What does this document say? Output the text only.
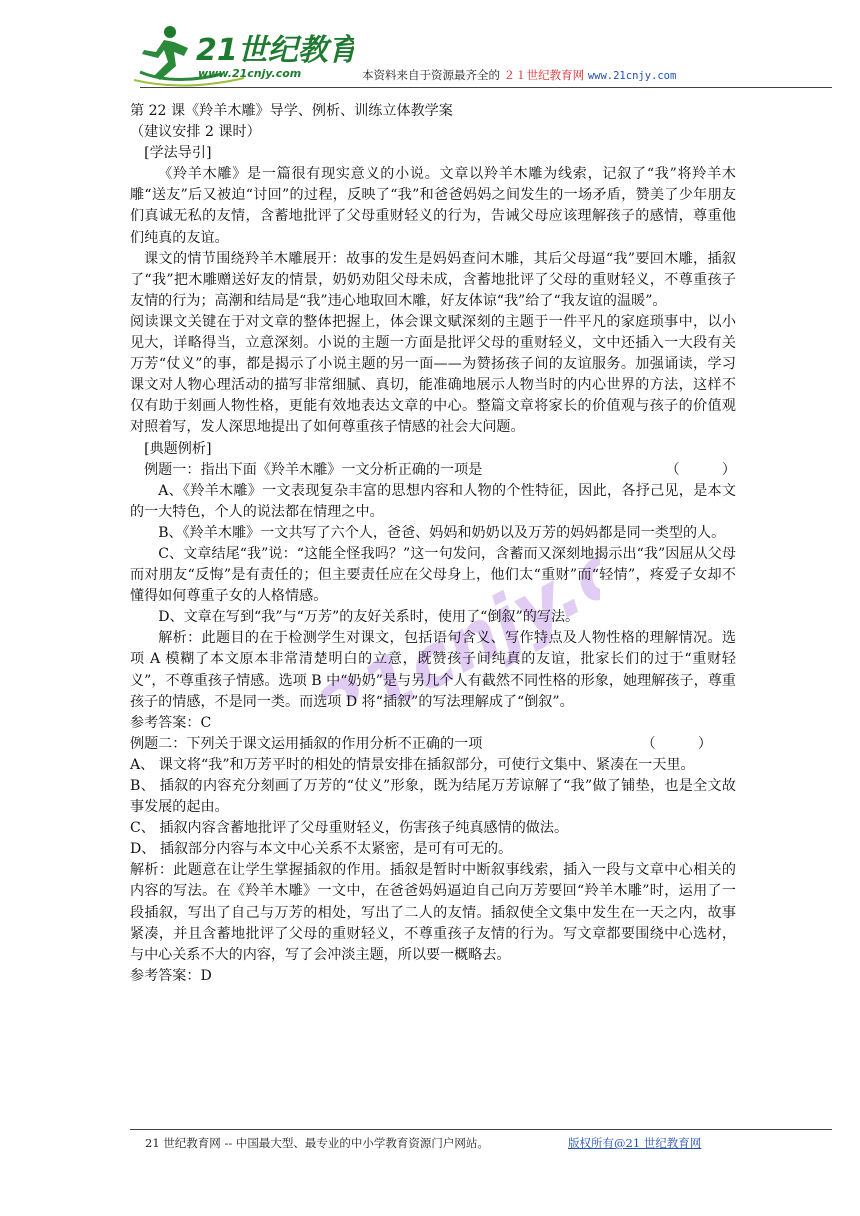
21世纪教育
www.21cnjy.com	本资料来自于资源最齐全的 ２１世纪教育网 www.21cnjy.com
21cnjy.com

第 22 课《羚羊木雕》导学、例析、训练立体教学案

（建议安排 2 课时）

[学法导引]

《羚羊木雕》是一篇很有现实意义的小说。文章以羚羊木雕为线索，记叙了“我”将羚羊木雕“送友”后又被迫“讨回”的过程，反映了“我”和爸爸妈妈之间发生的一场矛盾，赞美了少年朋友们真诚无私的友情，含蓄地批评了父母重财轻义的行为，告诫父母应该理解孩子的感情，尊重他们纯真的友谊。

课文的情节围绕羚羊木雕展开：故事的发生是妈妈查问木雕，其后父母逼“我”要回木雕，插叙了“我”把木雕赠送好友的情景，奶奶劝阻父母未成，含蓄地批评了父母的重财轻义，不尊重孩子友情的行为；高潮和结局是“我”违心地取回木雕，好友体谅“我”给了“我友谊的温暖”。

阅读课文关键在于对文章的整体把握上，体会课文赋深刻的主题于一件平凡的家庭琐事中，以小见大，详略得当，立意深刻。小说的主题一方面是批评父母的重财轻义，文中还插入一大段有关万芳“仗义”的事，都是揭示了小说主题的另一面——为赞扬孩子间的友谊服务。加强诵读，学习课文对人物心理活动的描写非常细腻、真切，能准确地展示人物当时的内心世界的方法，这样不仅有助于刻画人物性格，更能有效地表达文章的中心。整篇文章将家长的价值观与孩子的价值观对照着写，发人深思地提出了如何尊重孩子情感的社会大问题。

[典题例析]

例题一：指出下面《羚羊木雕》一文分析正确的一项是	（　　　）

A、《羚羊木雕》一文表现复杂丰富的思想内容和人物的个性特征，因此，各抒己见，是本文的一大特色，个人的说法都在情理之中。

B、《羚羊木雕》一文共写了六个人，爸爸、妈妈和奶奶以及万芳的妈妈都是同一类型的人。

C、文章结尾“我”说：“这能全怪我吗？”这一句发问，含蓄而又深刻地揭示出“我”因屈从父母而对朋友“反悔”是有责任的；但主要责任应在父母身上，他们太“重财”而“轻情”，疼爱子女却不懂得如何尊重子女的人格情感。

D、文章在写到“我”与“万芳”的友好关系时，使用了“倒叙”的写法。

解析：此题目的在于检测学生对课文，包括语句含义、写作特点及人物性格的理解情况。选项 A 模糊了本文原本非常清楚明白的立意，既赞孩子间纯真的友谊，批家长们的过于“重财轻义”，不尊重孩子情感。选项 B 中“奶奶”是与另几个人有截然不同性格的形象，她理解孩子，尊重孩子的情感，不是同一类。而选项 D 将“插叙”的写法理解成了“倒叙”。

参考答案：C

例题二：下列关于课文运用插叙的作用分析不正确的一项	（　　　）

A、 课文将“我”和万芳平时的相处的情景安排在插叙部分，可使行文集中、紧凑在一天里。

B、 插叙的内容充分刻画了万芳的“仗义”形象，既为结尾万芳谅解了“我”做了铺垫，也是全文故事发展的起由。

C、 插叙内容含蓄地批评了父母重财轻义，伤害孩子纯真感情的做法。

D、 插叙部分内容与本文中心关系不太紧密，是可有可无的。

解析：此题意在让学生掌握插叙的作用。插叙是暂时中断叙事线索，插入一段与文章中心相关的内容的写法。在《羚羊木雕》一文中，在爸爸妈妈逼迫自己向万芳要回“羚羊木雕”时，运用了一段插叙，写出了自己与万芳的相处，写出了二人的友情。插叙使全文集中发生在一天之内，故事紧凑，并且含蓄地批评了父母的重财轻义，不尊重孩子友情的行为。写文章都要围绕中心选材，与中心关系不大的内容，写了会冲淡主题，所以要一概略去。

参考答案：D

21 世纪教育网 -- 中国最大型、最专业的中小学教育资源门户网站。	版权所有@21 世纪教育网
